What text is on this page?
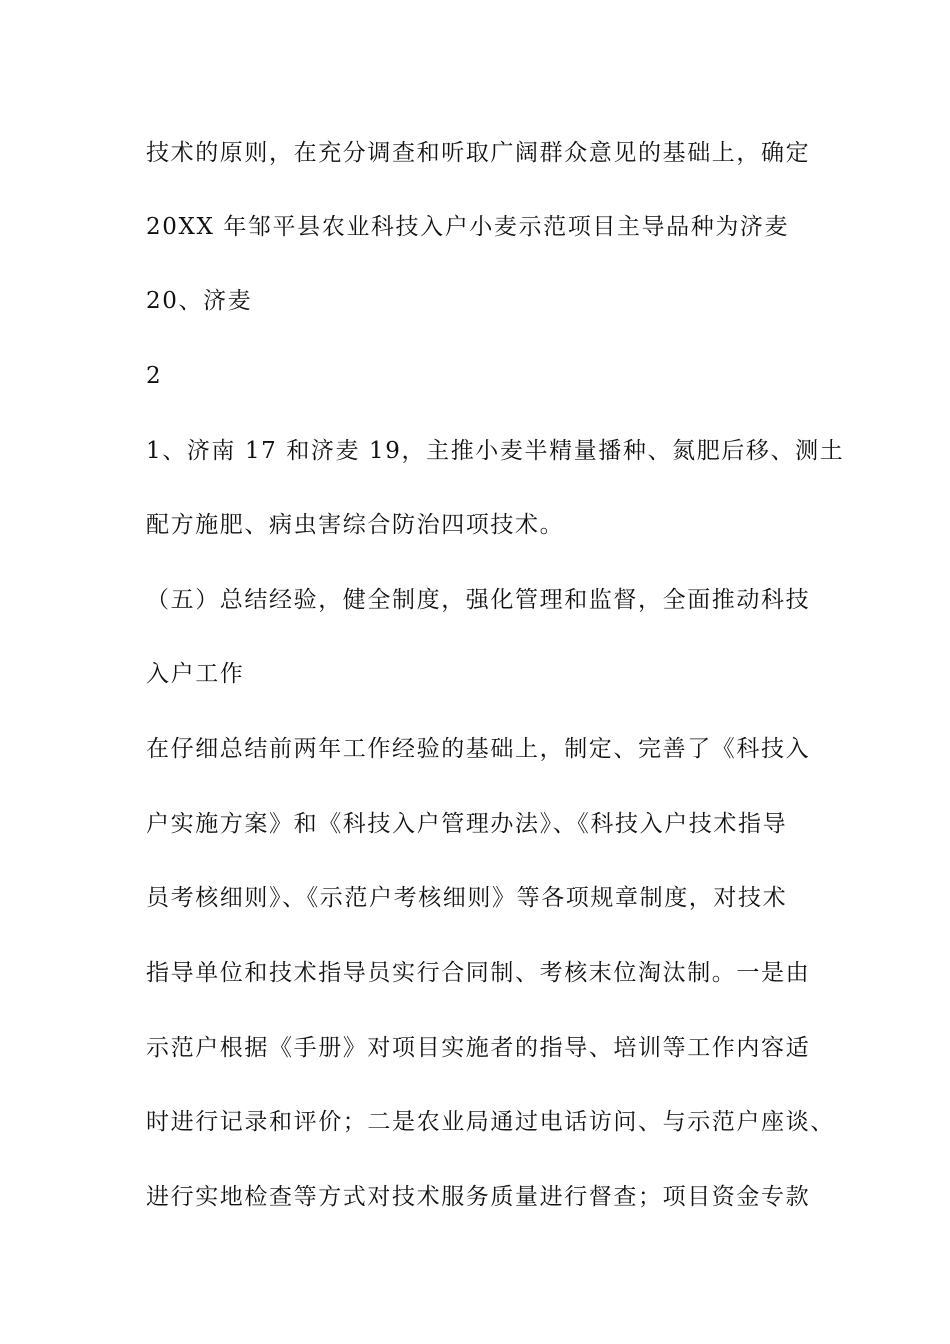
技术的原则，在充分调查和听取广阔群众意见的基础上，确定
20XX 年邹平县农业科技入户小麦示范项目主导品种为济麦
20、济麦
2
1、济南 17 和济麦 19，主推小麦半精量播种、氮肥后移、测土
配方施肥、病虫害综合防治四项技术。
（五）总结经验，健全制度，强化管理和监督，全面推动科技
入户工作
在仔细总结前两年工作经验的基础上，制定、完善了《科技入
户实施方案》和《科技入户管理办法》、《科技入户技术指导
员考核细则》、《示范户考核细则》等各项规章制度，对技术
指导单位和技术指导员实行合同制、考核末位淘汰制。一是由
示范户根据《手册》对项目实施者的指导、培训等工作内容适
时进行记录和评价；二是农业局通过电话访问、与示范户座谈、
进行实地检查等方式对技术服务质量进行督查；项目资金专款
